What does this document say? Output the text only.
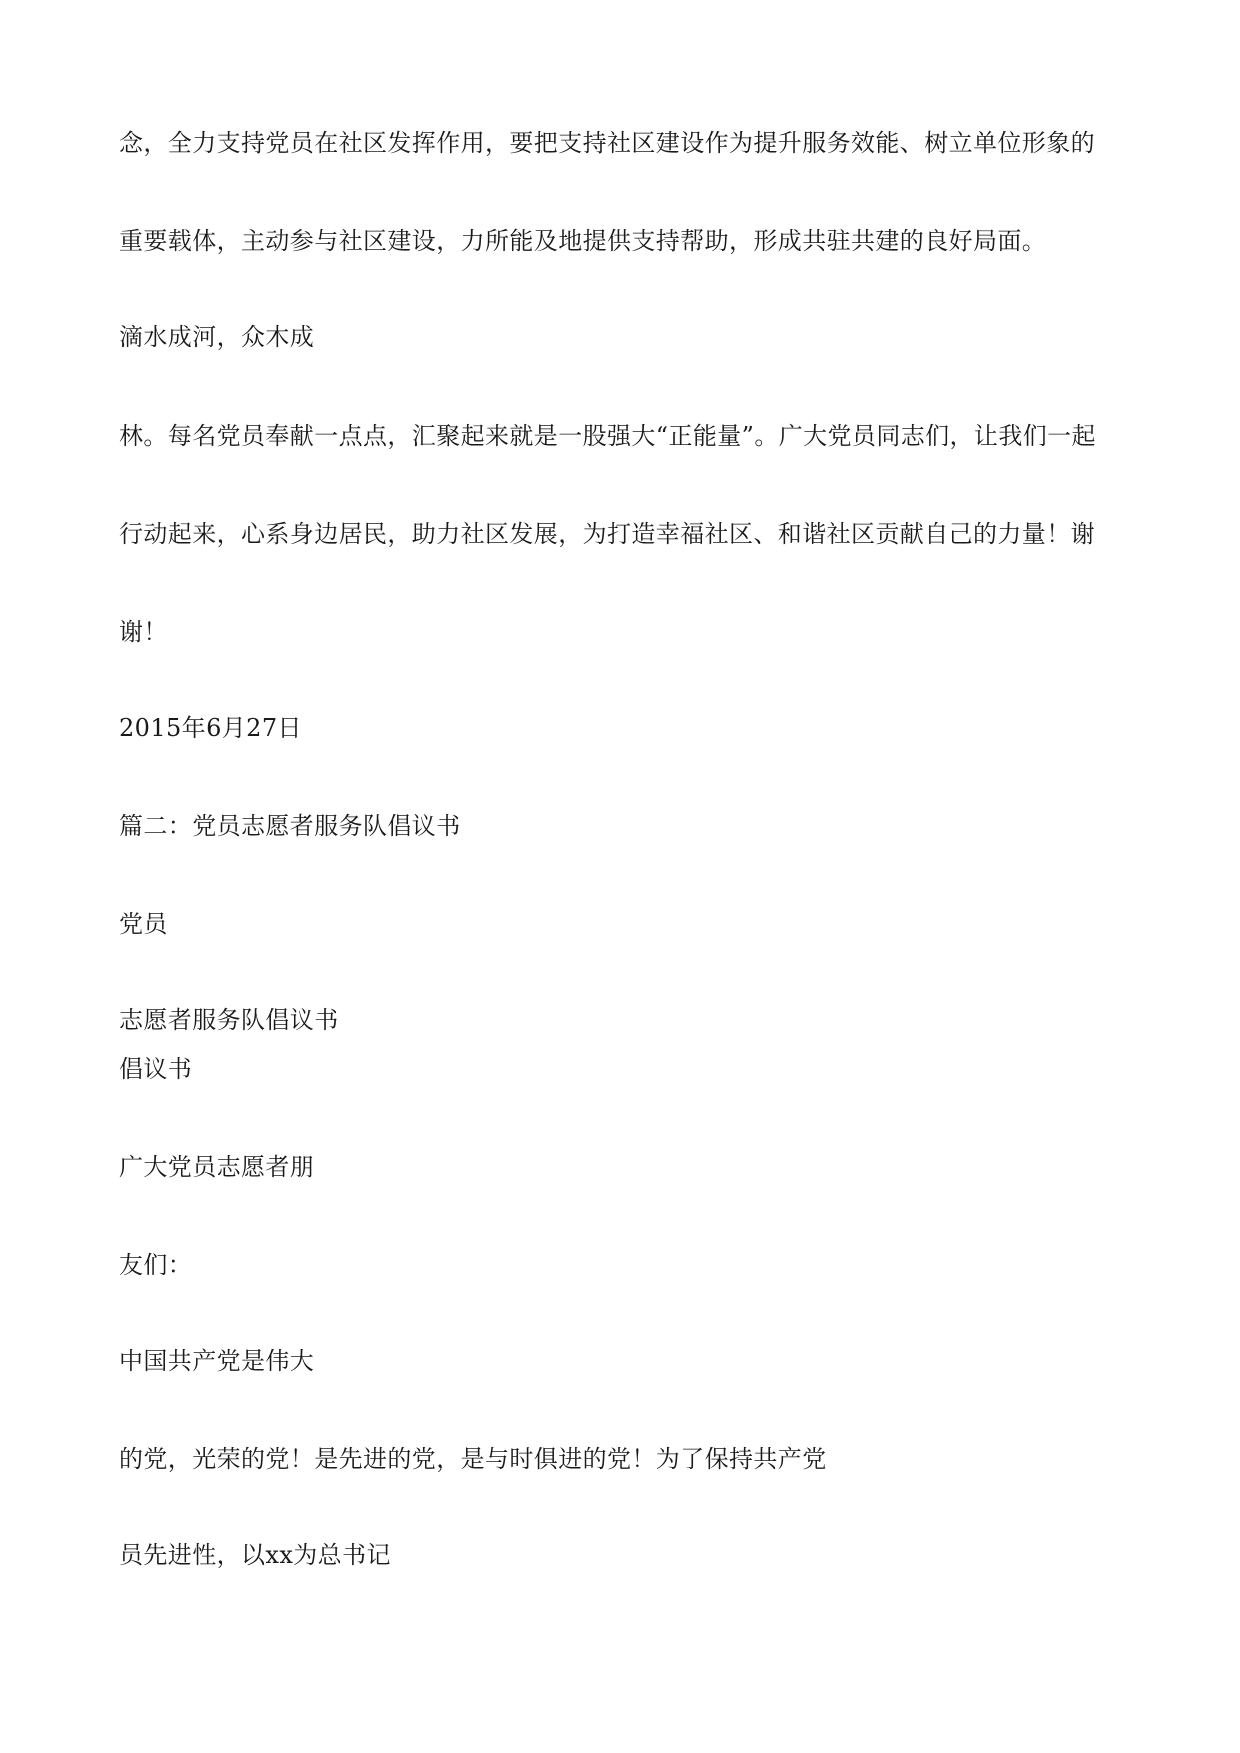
念，全力支持党员在社区发挥作用，要把支持社区建设作为提升服务效能、树立单位形象的

重要载体，主动参与社区建设，力所能及地提供支持帮助，形成共驻共建的良好局面。

滴水成河，众木成

林。每名党员奉献一点点，汇聚起来就是一股强大“正能量”。广大党员同志们，让我们一起

行动起来，心系身边居民，助力社区发展，为打造幸福社区、和谐社区贡献自己的力量！谢

谢！

2015年6月27日

篇二：党员志愿者服务队倡议书

党员

志愿者服务队倡议书

倡议书

广大党员志愿者朋

友们：

中国共产党是伟大

的党，光荣的党！是先进的党，是与时俱进的党！为了保持共产党

员先进性，以xx为总书记
